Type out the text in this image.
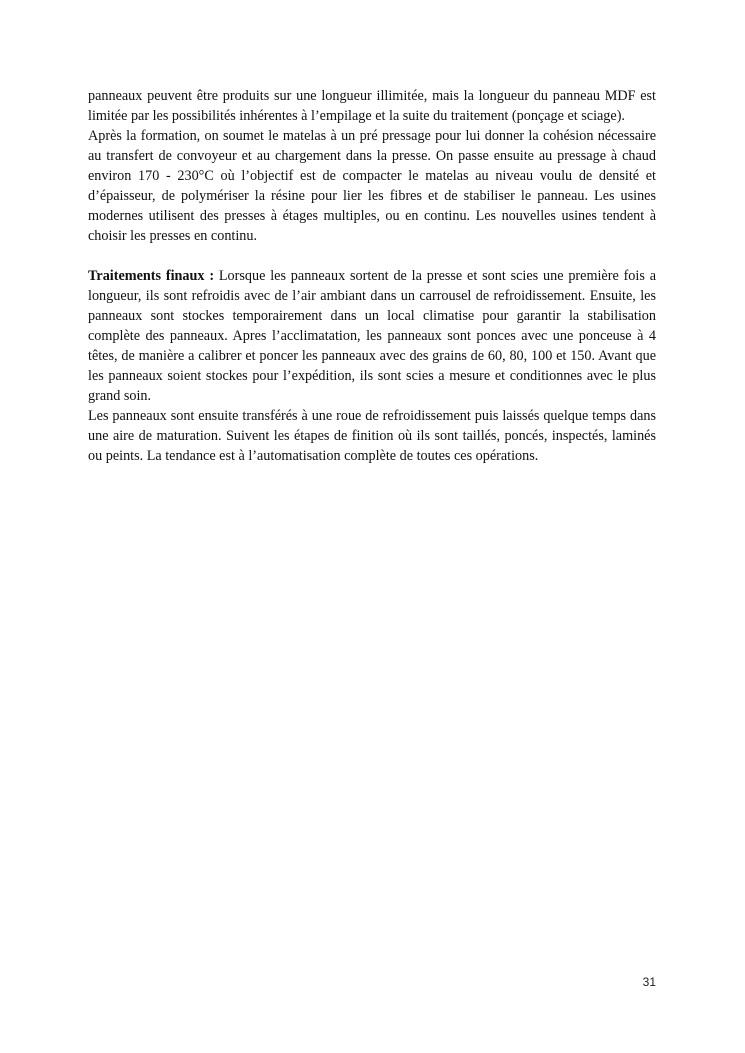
panneaux peuvent être produits sur une longueur illimitée, mais la longueur du panneau MDF est limitée par les possibilités inhérentes à l’empilage et la suite du traitement (ponçage et sciage).

Après la formation, on soumet le matelas à un pré pressage pour lui donner la cohésion nécessaire au transfert de convoyeur et au chargement dans la presse. On passe ensuite au pressage à chaud environ 170 - 230°C où l’objectif est de compacter le matelas au niveau voulu de densité et d’épaisseur, de polymériser la résine pour lier les fibres et de stabiliser le panneau. Les usines modernes utilisent des presses à étages multiples, ou en continu. Les nouvelles usines tendent à choisir les presses en continu.

Traitements finaux : Lorsque les panneaux sortent de la presse et sont scies une première fois a longueur, ils sont refroidis avec de l’air ambiant dans un carrousel de refroidissement. Ensuite, les panneaux sont stockes temporairement dans un local climatise pour garantir la stabilisation complète des panneaux. Apres l’acclimatation, les panneaux sont ponces avec une ponceuse à 4 têtes, de manière a calibrer et poncer les panneaux avec des grains de 60, 80, 100 et 150. Avant que les panneaux soient stockes pour l’expédition, ils sont scies a mesure et conditionnes avec le plus grand soin.

Les panneaux sont ensuite transférés à une roue de refroidissement puis laissés quelque temps dans une aire de maturation. Suivent les étapes de finition où ils sont taillés, poncés, inspectés, laminés ou peints. La tendance est à l’automatisation complète de toutes ces opérations.

31
